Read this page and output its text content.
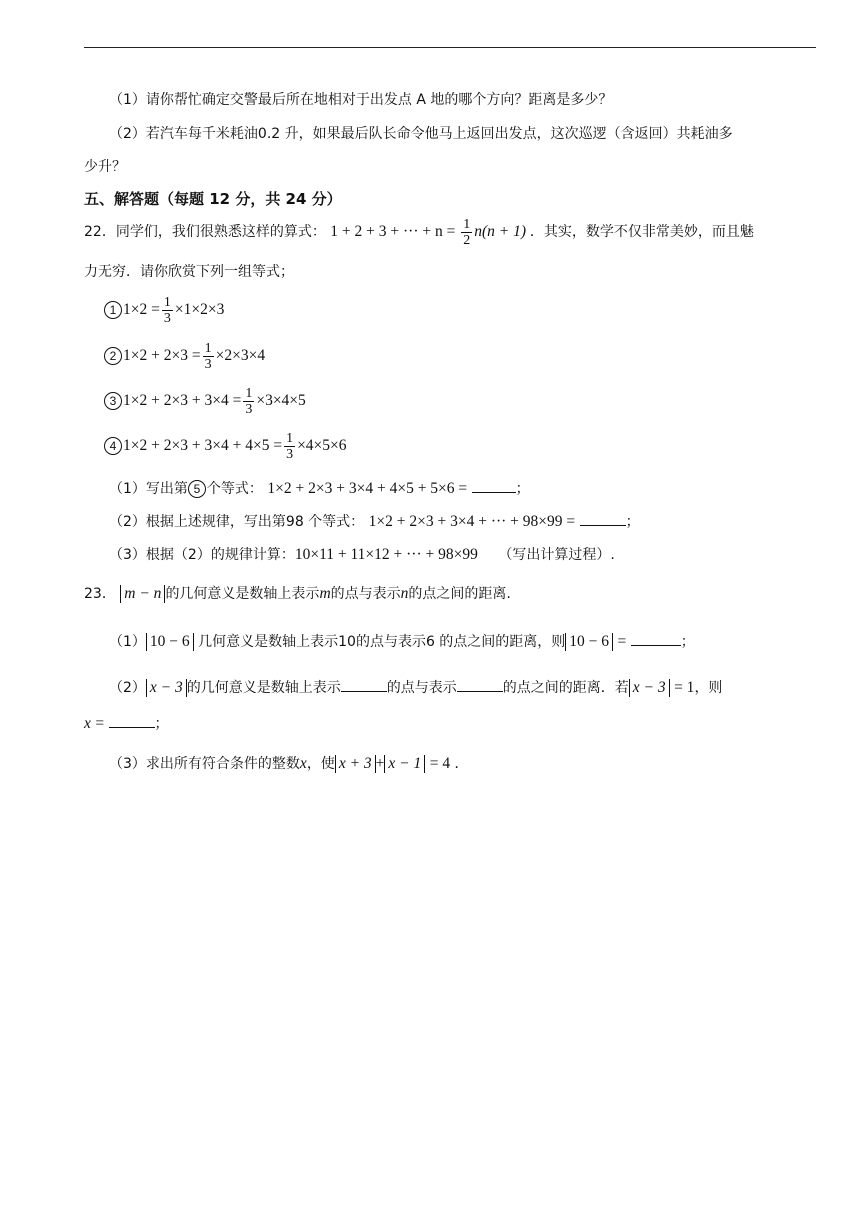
（1）请你帮忙确定交警最后所在地相对于出发点 A 地的哪个方向？距离是多少？
（2）若汽车每千米耗油0.2 升，如果最后队长命令他马上返回出发点，这次巡逻（含返回）共耗油多
少升？
五、解答题（每题 12 分，共 24 分）
22．同学们，我们很熟悉这样的算式： 1 + 2 + 3 + ··· + $n = \frac{1}{2} n(n + 1)$ ．其实，数学不仅非常美妙，而且魅
力无穷．请你欣赏下列一组等式；
1 $1\times 2 = \frac{1}{3} \times 1\times 2\times 3$
2 $1\times 2 + 2\times 3 = \frac{1}{3} \times 2\times 3\times 4$
3 $1\times 2 + 2\times 3 + 3\times 4 = \frac{1}{3} \times 3\times 4\times 5$
4 $1\times 2 + 2\times 3 + 3\times 4 + 4\times 5 = \frac{1}{3} \times 4\times 5\times 6$
（1）写出第 5 个等式： 1×2 + 2×3 + 3×4 + 4×5 + 5×6 =	；
（2）根据上述规律，写出第98 个等式： 1×2 + 2×3 + 3×4 + ··· + 98×99 =	；
（3）根据（2）的规律计算：10×11 + 11×12 + ··· + 98×99 （写出计算过程）.
23． m − n 的几何意义是数轴上表示m的点与表示n的点之间的距离.
（1） 10 − 6 几何意义是数轴上表示10的点与表示6 的点之间的距离，则 10 − 6 =	；
（2） x − 3 的几何意义是数轴上表示	的点与表示	的点之间的距离．若 x − 3 = 1，则
x =	；
（3）求出所有符合条件的整数x，使 x + 3 + x − 1 = 4 ．
